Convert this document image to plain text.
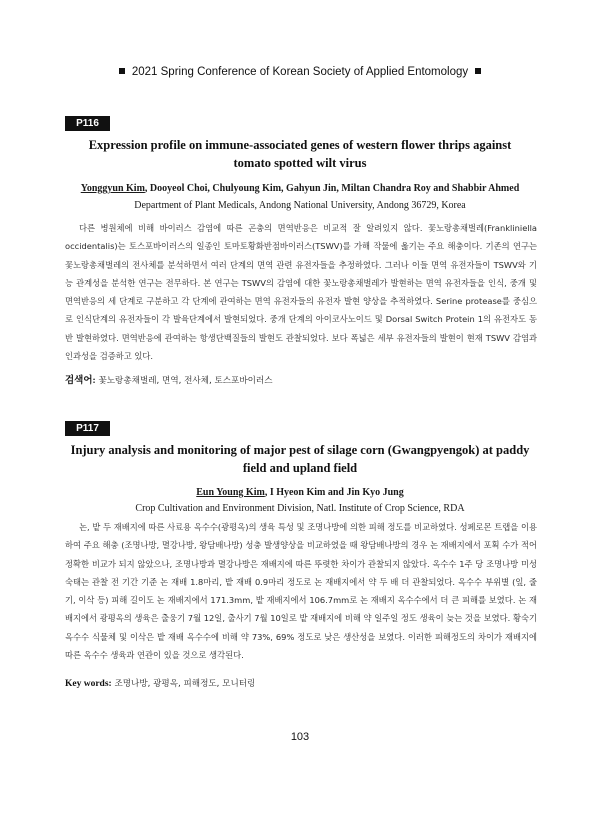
2021 Spring Conference of Korean Society of Applied Entomology
P116
Expression profile on immune-associated genes of western flower thrips against tomato spotted wilt virus
Yonggyun Kim, Dooyeol Choi, Chulyoung Kim, Gahyun Jin, Miltan Chandra Roy and Shabbir Ahmed
Department of Plant Medicals, Andong National University, Andong 36729, Korea

다른 병원체에 비해 바이러스 감염에 따른 곤충의 면역반응은 비교적 잘 알려있지 않다. 꽃노랑총채벌레(Frankliniella occidentalis)는 토스포바이러스의 일종인 토마토황화반점바이러스(TSWV)를 가해 작물에 옮기는 주요 해충이다. 기존의 연구는 꽃노랑총채벌레의 전사체를 분석하면서 여러 단계의 면역 관련 유전자들을 추정하였다. 그러나 이들 면역 유전자들이 TSWV와 기능 관계성을 분석한 연구는 전무하다. 본 연구는 TSWV의 감염에 대한 꽃노랑총채벌레가 발현하는 면역 유전자들을 인식, 중개 및 면역반응의 세 단계로 구분하고 각 단계에 관여하는 면역 유전자들의 유전자 발현 양상을 추적하였다. Serine protease를 중심으로 인식단계의 유전자들이 각 발육단계에서 발현되었다. 중개 단계의 아이코사노이드 및 Dorsal Switch Protein 1의 유전자도 동반 발현하였다. 면역반응에 관여하는 항생단백질들의 발현도 관찰되었다. 보다 폭넓은 세부 유전자들의 발현이 현재 TSWV 감염과 인과성을 검증하고 있다.

검색어: 꽃노랑총채벌레, 면역, 전사체, 토스포바이러스
P117
Injury analysis and monitoring of major pest of silage corn (Gwangpyengok) at paddy field and upland field
Eun Young Kim, I Hyeon Kim and Jin Kyo Jung
Crop Cultivation and Environment Division, Natl. Institute of Crop Science, RDA

논, 밭 두 재배지에 따른 사료용 옥수수(광평옥)의 생육 특성 및 조명나방에 의한 피해 정도를 비교하였다. 성페로몬 트랩을 이용하여 주요 해충 (조명나방, 멸강나방, 왕담배나방) 성충 발생양상을 비교하였을 때 왕담배나방의 경우 논 재배지에서 포획 수가 적어 정확한 비교가 되지 않았으나, 조명나방과 멸강나방은 재배지에 따른 뚜렷한 차이가 관찰되지 않았다. 옥수수 1주 당 조명나방 미성숙태는 관찰 전 기간 기준 논 재배 1.8마리, 밭 재배 0.9마리 정도로 논 재배지에서 약 두 배 더 관찰되었다. 옥수수 부위별 (잎, 줄기, 이삭 등) 피해 길이도 논 재배지에서 171.3mm, 밭 재배지에서 106.7mm로 논 재배지 옥수수에서 더 큰 피해를 보였다. 논 재배지에서 광평옥의 생육은 출웅기 7월 12일, 출사기 7월 10일로 밭 재배지에 비해 약 일주일 정도 생육이 늦는 것을 보였다. 황숙기 옥수수 식물체 및 이삭은 밭 재배 옥수수에 비해 약 73%, 69% 정도로 낮은 생산성을 보였다. 이러한 피해정도의 차이가 재배지에 따른 옥수수 생육과 연관이 있을 것으로 생각된다.

Key words: 조명나방, 광평옥, 피해정도, 모니터링
103
